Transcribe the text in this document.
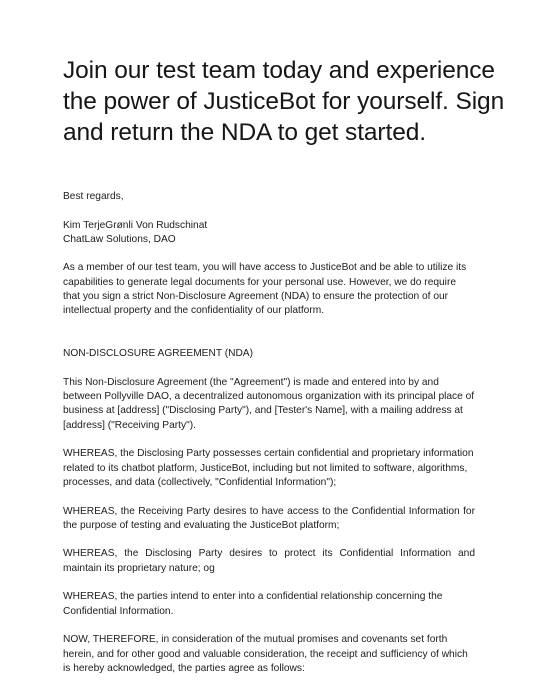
Join our test team today and experience the power of JusticeBot for yourself. Sign and return the NDA to get started.

Best regards,

Kim TerjeGrønli Von Rudschinat
ChatLaw Solutions, DAO

As a member of our test team, you will have access to JusticeBot and be able to utilize its capabilities to generate legal documents for your personal use. However, we do require that you sign a strict Non-Disclosure Agreement (NDA) to ensure the protection of our intellectual property and the confidentiality of our platform.

NON-DISCLOSURE AGREEMENT (NDA)

This Non-Disclosure Agreement (the "Agreement") is made and entered into by and between Pollyville DAO, a decentralized autonomous organization with its principal place of business at [address] ("Disclosing Party"), and [Tester's Name], with a mailing address at [address] ("Receiving Party").

WHEREAS, the Disclosing Party possesses certain confidential and proprietary information related to its chatbot platform, JusticeBot, including but not limited to software, algorithms, processes, and data (collectively, "Confidential Information");

WHEREAS, the Receiving Party desires to have access to the Confidential Information for the purpose of testing and evaluating the JusticeBot platform;

WHEREAS, the Disclosing Party desires to protect its Confidential Information and maintain its proprietary nature; og

WHEREAS, the parties intend to enter into a confidential relationship concerning the Confidential Information.

NOW, THEREFORE, in consideration of the mutual promises and covenants set forth herein, and for other good and valuable consideration, the receipt and sufficiency of which is hereby acknowledged, the parties agree as follows:
